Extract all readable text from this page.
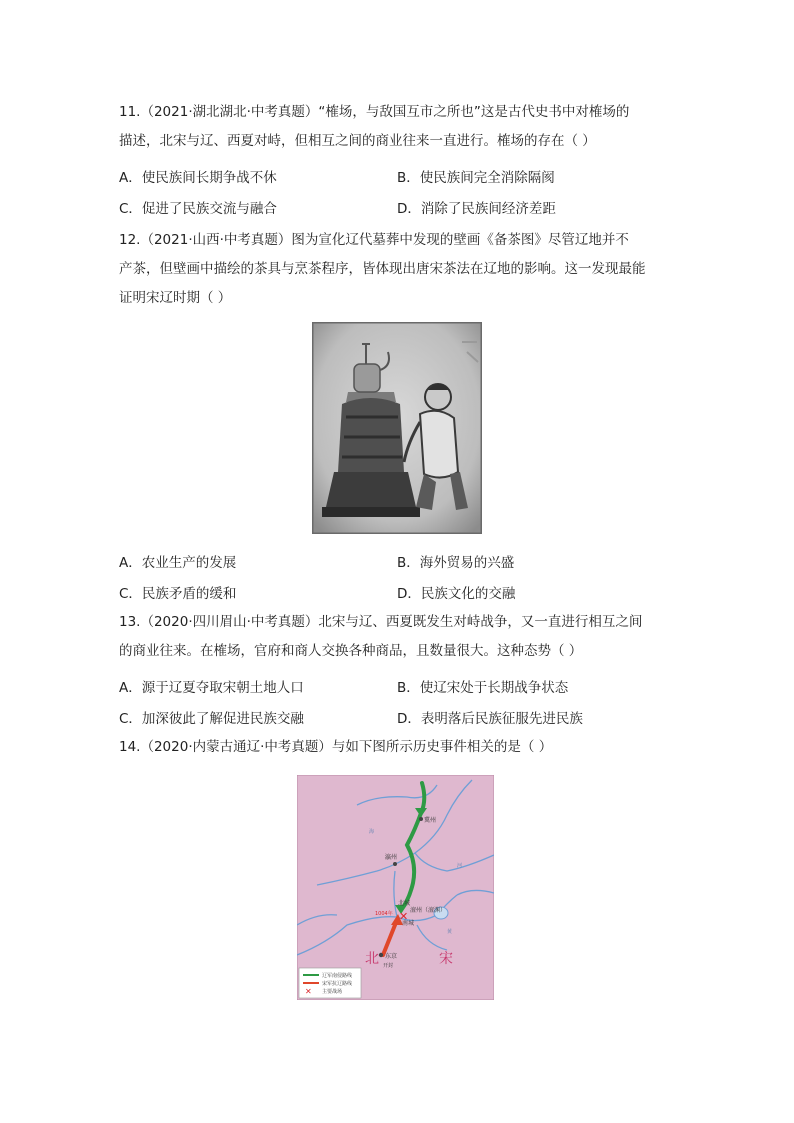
11.（2021·湖北湖北·中考真题）“榷场，与敌国互市之所也”这是古代史书中对榷场的
描述，北宋与辽、西夏对峙，但相互之间的商业往来一直进行。榷场的存在（ ）
A．使民族间长期争战不休	B．使民族间完全消除隔阂
C．促进了民族交流与融合	D．消除了民族间经济差距
12.（2021·山西·中考真题）图为宣化辽代墓葬中发现的壁画《备茶图》尽管辽地并不
产茶，但壁画中描绘的茶具与烹茶程序，皆体现出唐宋茶法在辽地的影响。这一发现最能
证明宋辽时期（ ）
A．农业生产的发展	B．海外贸易的兴盛
C．民族矛盾的缓和	D．民族文化的交融
13.（2020·四川眉山·中考真题）北宋与辽、西夏既发生对峙战争，又一直进行相互之间
的商业往来。在榷场，官府和商人交换各种商品，且数量很大。这种态势（ ）
A．源于辽夏夺取宋朝土地人口	B．使辽宋处于长期战争状态
C．加深彼此了解促进民族交融	D．表明落后民族征服先进民族
14.（2020·内蒙古通辽·中考真题）与如下图所示历史事件相关的是（ ）
✕
冀州
瀛州
北城
1004年
南城
澶州（澶渊）
东京
开封
海
河
黄
北	宋
✕
辽军南侵路线
宋军抗辽路线
主要战场
